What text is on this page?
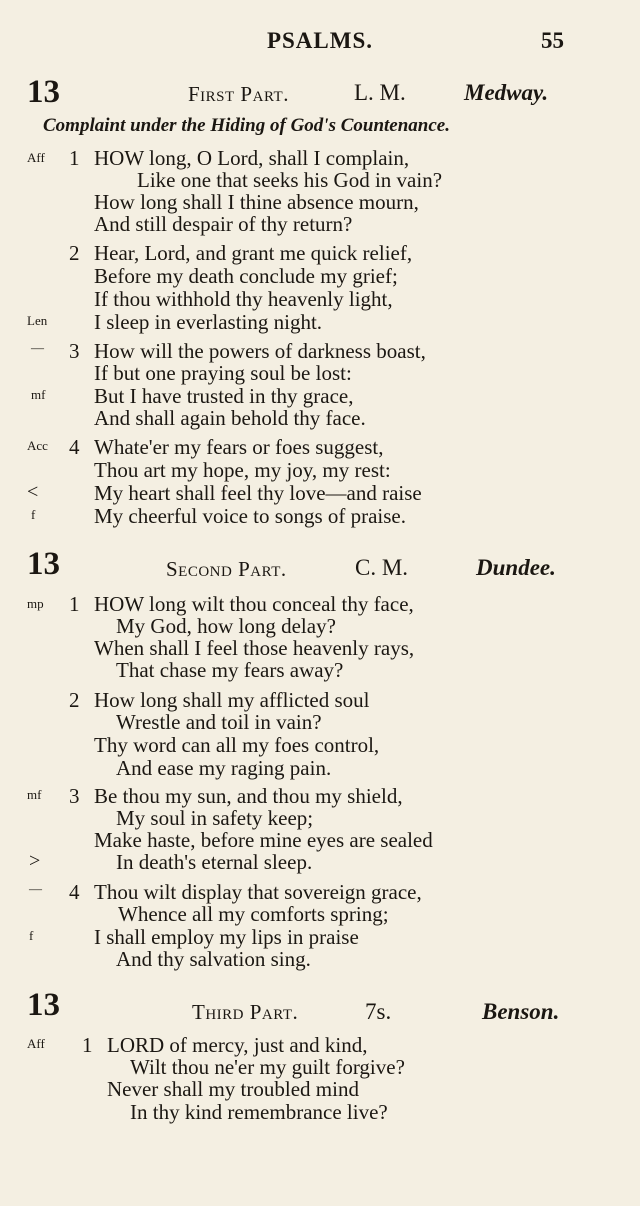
PSALMS.	55
13	First Part.	L. M.	Medway.
Complaint under the Hiding of God's Countenance.
Aff 1 HOW long, O Lord, shall I complain,
Like one that seeks his God in vain?
How long shall I thine absence mourn,
And still despair of thy return?
2 Hear, Lord, and grant me quick relief,
Before my death conclude my grief;
If thou withhold thy heavenly light,
Len I sleep in everlasting night.
— 3 How will the powers of darkness boast,
If but one praying soul be lost:
mf But I have trusted in thy grace,
And shall again behold thy face.
Acc 4 Whate'er my fears or foes suggest,
Thou art my hope, my joy, my rest:
<	My heart shall feel thy love—and raise
f	My cheerful voice to songs of praise.
13	Second Part.	C. M.	Dundee.
mp 1 HOW long wilt thou conceal thy face,
My God, how long delay?
When shall I feel those heavenly rays,
That chase my fears away?
2 How long shall my afflicted soul
Wrestle and toil in vain?
Thy word can all my foes control,
And ease my raging pain.
mf 3 Be thou my sun, and thou my shield,
My soul in safety keep;
Make haste, before mine eyes are sealed
>	In death's eternal sleep.
— 4 Thou wilt display that sovereign grace,
Whence all my comforts spring;
f	I shall employ my lips in praise
And thy salvation sing.
13	Third Part.	7s.	Benson.
Aff 1 LORD of mercy, just and kind,
Wilt thou ne'er my guilt forgive?
Never shall my troubled mind
In thy kind remembrance live?
